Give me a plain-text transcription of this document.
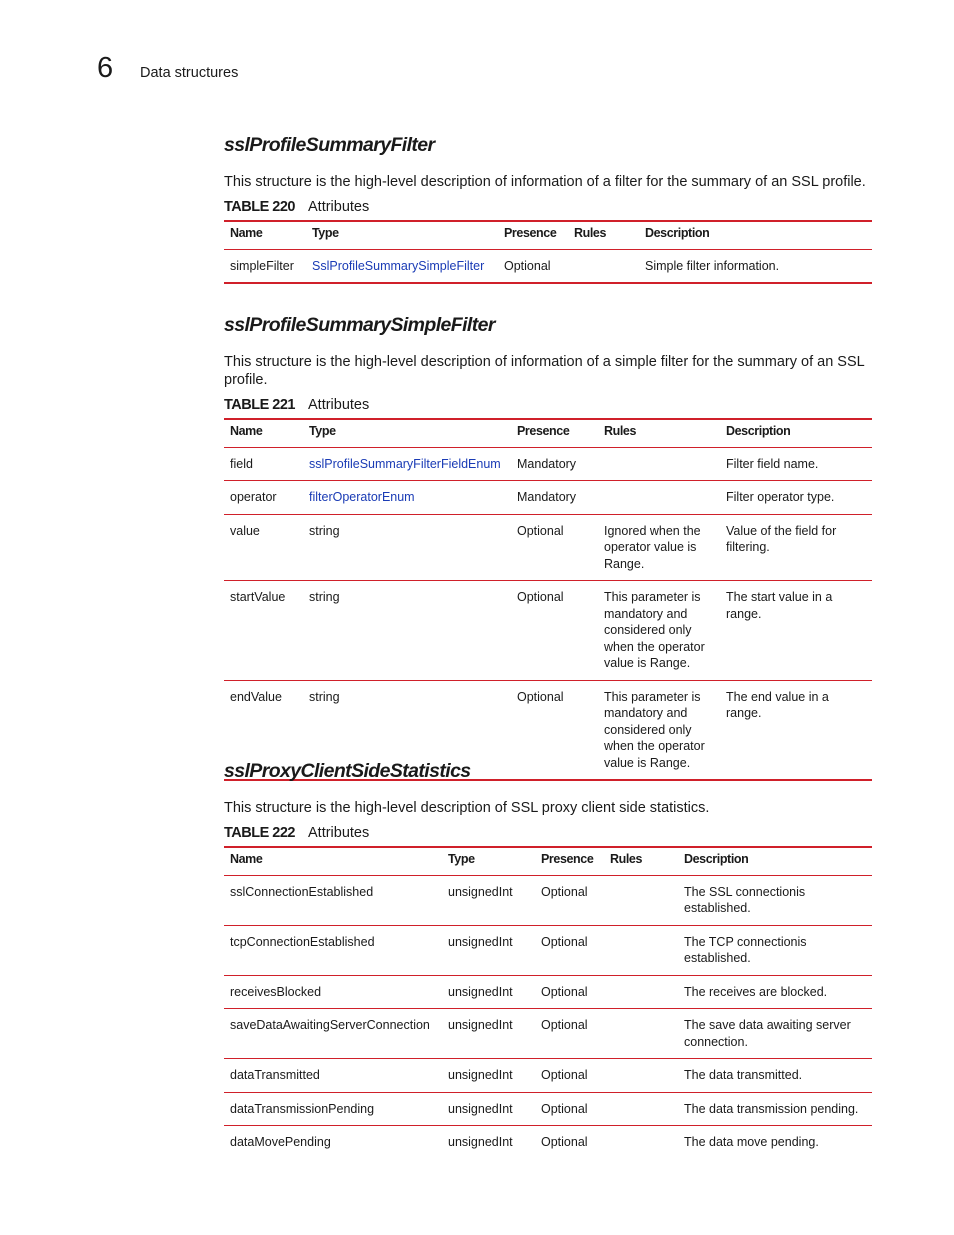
6 Data structures
sslProfileSummaryFilter

This structure is the high-level description of information of a filter for the summary of an SSL profile.

TABLE 220 Attributes
Name	Type	Presence	Rules	Description
simpleFilter	SslProfileSummarySimpleFilter	Optional		Simple filter information.
sslProfileSummarySimpleFilter

This structure is the high-level description of information of a simple filter for the summary of an SSL profile.

TABLE 221 Attributes
Name	Type	Presence	Rules	Description
field	sslProfileSummaryFilterFieldEnum	Mandatory		Filter field name.
operator	filterOperatorEnum	Mandatory		Filter operator type.
value	string	Optional	Ignored when the operator value is Range.	Value of the field for filtering.
startValue	string	Optional	This parameter is mandatory and considered only when the operator value is Range.	The start value in a range.
endValue	string	Optional	This parameter is mandatory and considered only when the operator value is Range.	The end value in a range.
sslProxyClientSideStatistics

This structure is the high-level description of SSL proxy client side statistics.

TABLE 222 Attributes
Name	Type	Presence	Rules	Description
sslConnectionEstablished	unsignedInt	Optional		The SSL connectionis established.
tcpConnectionEstablished	unsignedInt	Optional		The TCP connectionis established.
receivesBlocked	unsignedInt	Optional		The receives are blocked.
saveDataAwaitingServerConnection	unsignedInt	Optional		The save data awaiting server connection.
dataTransmitted	unsignedInt	Optional		The data transmitted.
dataTransmissionPending	unsignedInt	Optional		The data transmission pending.
dataMovePending	unsignedInt	Optional		The data move pending.
